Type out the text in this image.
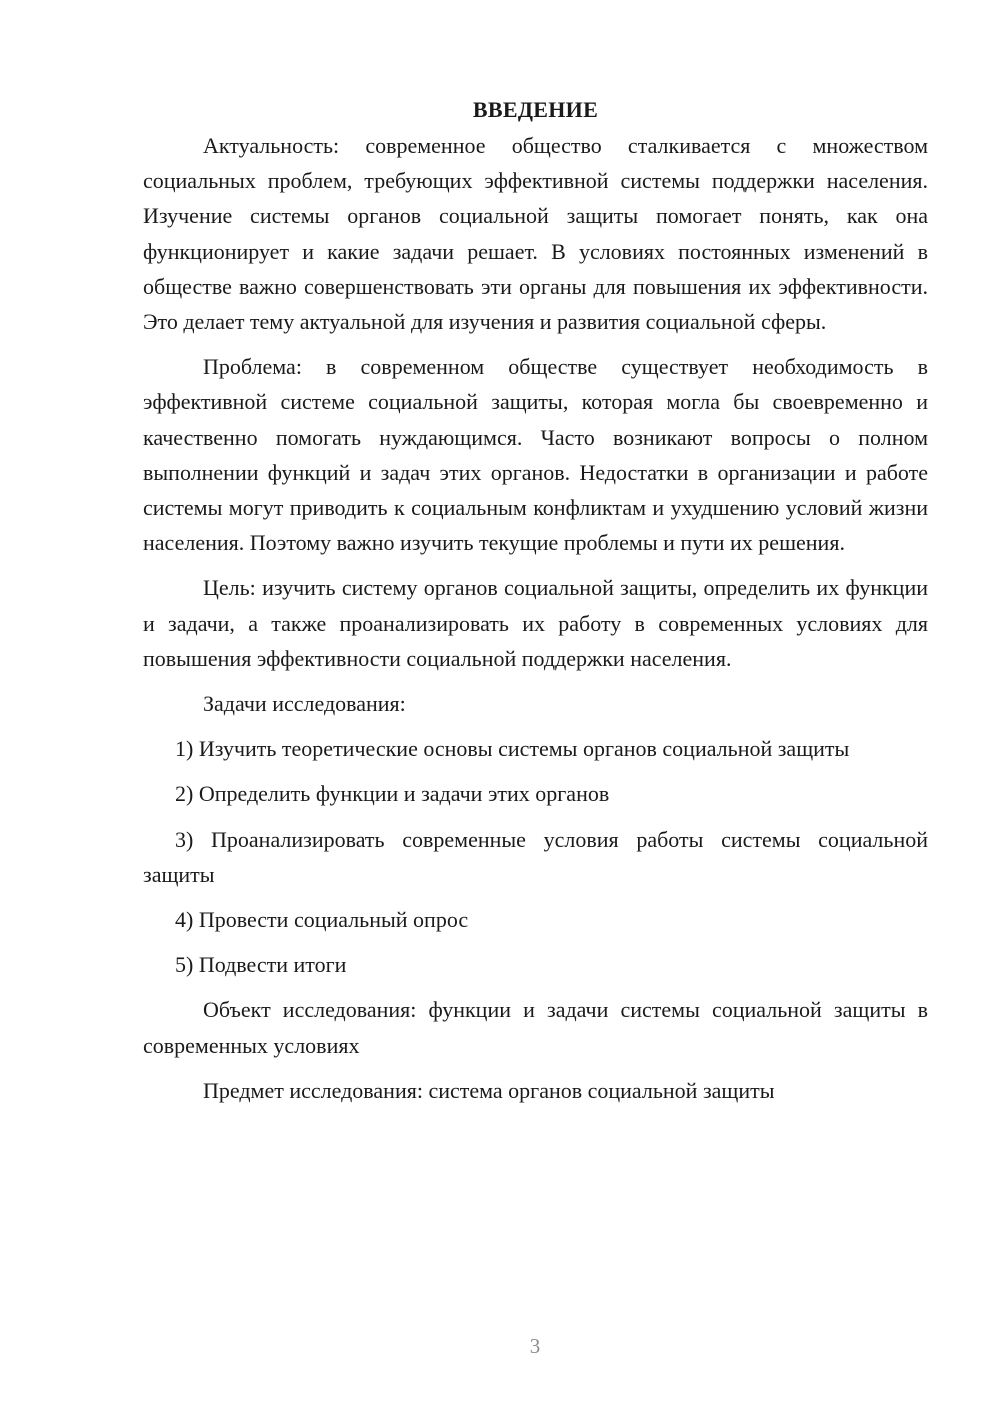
ВВЕДЕНИЕ

Актуальность: современное общество сталкивается с множеством социальных проблем, требующих эффективной системы поддержки населения. Изучение системы органов социальной защиты помогает понять, как она функционирует и какие задачи решает. В условиях постоянных изменений в обществе важно совершенствовать эти органы для повышения их эффективности. Это делает тему актуальной для изучения и развития социальной сферы.

Проблема: в современном обществе существует необходимость в эффективной системе социальной защиты, которая могла бы своевременно и качественно помогать нуждающимся. Часто возникают вопросы о полном выполнении функций и задач этих органов. Недостатки в организации и работе системы могут приводить к социальным конфликтам и ухудшению условий жизни населения. Поэтому важно изучить текущие проблемы и пути их решения.

Цель: изучить систему органов социальной защиты, определить их функции и задачи, а также проанализировать их работу в современных условиях для повышения эффективности социальной поддержки населения.

Задачи исследования:

1) Изучить теоретические основы системы органов социальной защиты

2) Определить функции и задачи этих органов

3) Проанализировать современные условия работы системы социальной защиты

4) Провести социальный опрос

5) Подвести итоги

Объект исследования: функции и задачи системы социальной защиты в современных условиях

Предмет исследования: система органов социальной защиты

3
